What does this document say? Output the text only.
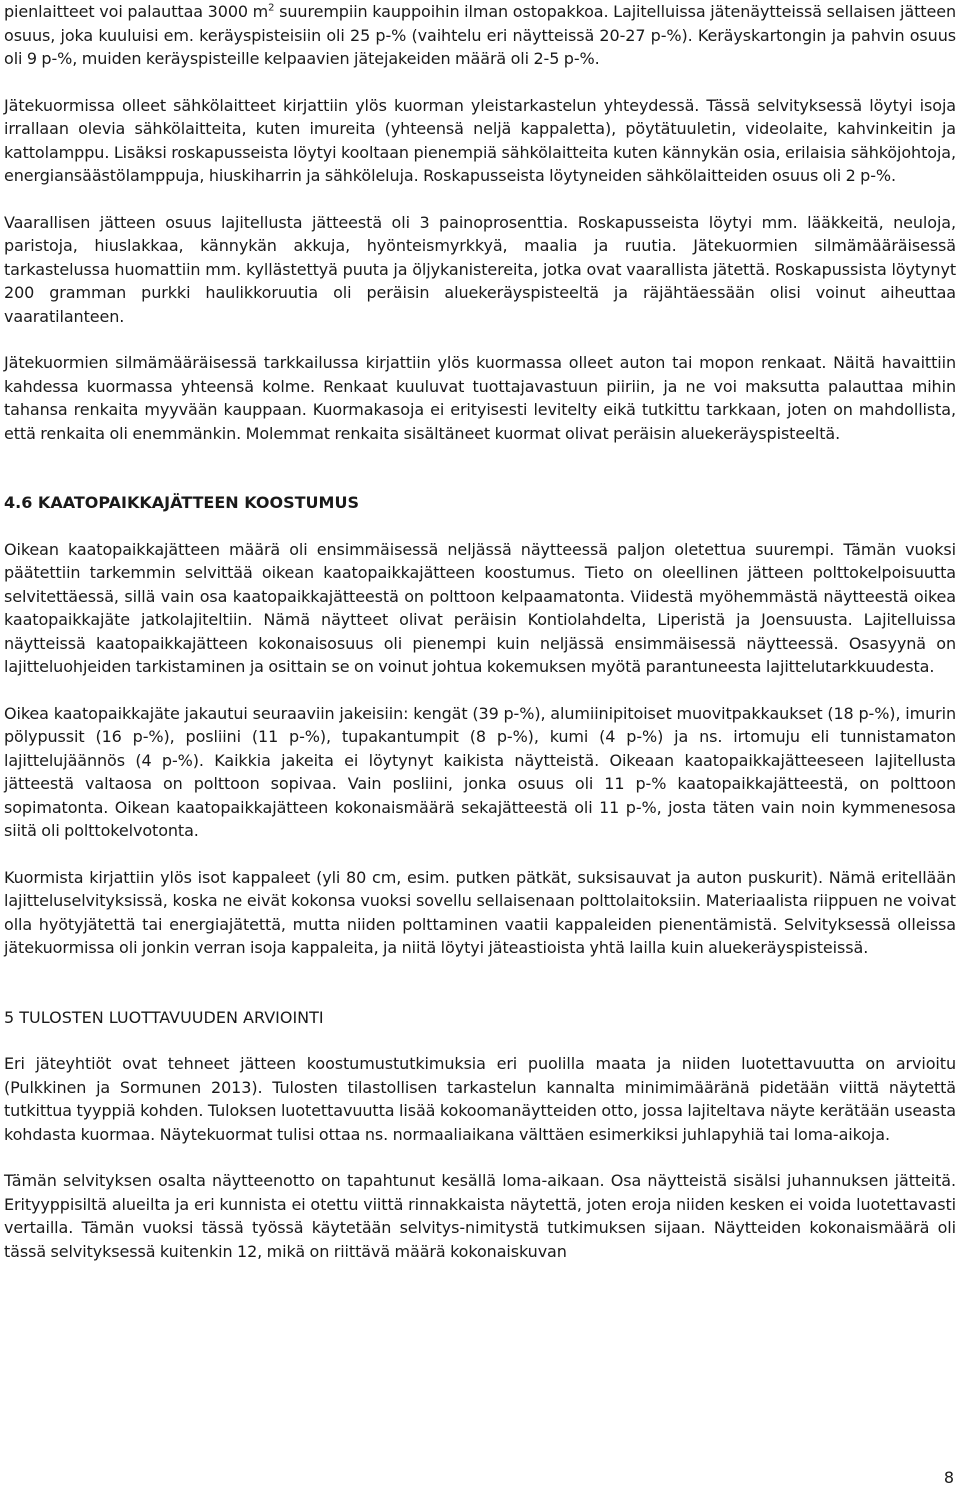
pienlaitteet voi palauttaa 3000 $m^2$ suurempiin kauppoihin ilman ostopakkoa. Lajitelluissa jätenäytteissä sellaisen jätteen osuus, joka kuuluisi em. keräyspisteisiin oli 25 p-% (vaihtelu eri näytteissä 20-27 p-%). Keräyskartongin ja pahvin osuus oli 9 p-%, muiden keräyspisteille kelpaavien jätejakeiden määrä oli 2-5 p-%.

Jätekuormissa olleet sähkölaitteet kirjattiin ylös kuorman yleistarkastelun yhteydessä. Tässä selvityksessä löytyi isoja irrallaan olevia sähkölaitteita, kuten imureita (yhteensä neljä kappaletta), pöytätuuletin, videolaite, kahvinkeitin ja kattolamppu. Lisäksi roskapusseista löytyi kooltaan pienempiä sähkölaitteita kuten kännykän osia, erilaisia sähköjohtoja, energiansäästölamppuja, hiuskiharrin ja sähköleluja. Roskapusseista löytyneiden sähkölaitteiden osuus oli 2 p-%.

Vaarallisen jätteen osuus lajitellusta jätteestä oli 3 painoprosenttia. Roskapusseista löytyi mm. lääkkeitä, neuloja, paristoja, hiuslakkaa, kännykän akkuja, hyönteismyrkkyä, maalia ja ruutia. Jätekuormien silmämääräisessä tarkastelussa huomattiin mm. kyllästettyä puuta ja öljykanistereita, jotka ovat vaarallista jätettä. Roskapussista löytynyt 200 gramman purkki haulikkoruutia oli peräisin aluekeräyspisteeltä ja räjähtäessään olisi voinut aiheuttaa vaaratilanteen.

Jätekuormien silmämääräisessä tarkkailussa kirjattiin ylös kuormassa olleet auton tai mopon renkaat. Näitä havaittiin kahdessa kuormassa yhteensä kolme. Renkaat kuuluvat tuottajavastuun piiriin, ja ne voi maksutta palauttaa mihin tahansa renkaita myyvään kauppaan. Kuormakasoja ei erityisesti levitelty eikä tutkittu tarkkaan, joten on mahdollista, että renkaita oli enemmänkin. Molemmat renkaita sisältäneet kuormat olivat peräisin aluekeräyspisteeltä.

4.6 KAATOPAIKKAJÄTTEEN KOOSTUMUS

Oikean kaatopaikkajätteen määrä oli ensimmäisessä neljässä näytteessä paljon oletettua suurempi. Tämän vuoksi päätettiin tarkemmin selvittää oikean kaatopaikkajätteen koostumus. Tieto on oleellinen jätteen polttokelpoisuutta selvitettäessä, sillä vain osa kaatopaikkajätteestä on polttoon kelpaamatonta. Viidestä myöhemmästä näytteestä oikea kaatopaikkajäte jatkolajiteltiin. Nämä näytteet olivat peräisin Kontiolahdelta, Liperistä ja Joensuusta. Lajitelluissa näytteissä kaatopaikkajätteen kokonaisosuus oli pienempi kuin neljässä ensimmäisessä näytteessä. Osasyynä on lajitteluohjeiden tarkistaminen ja osittain se on voinut johtua kokemuksen myötä parantuneesta lajittelutarkkuudesta.

Oikea kaatopaikkajäte jakautui seuraaviin jakeisiin: kengät (39 p-%), alumiinipitoiset muovitpakkaukset (18 p-%), imurin pölypussit (16 p-%), posliini (11 p-%), tupakantumpit (8 p-%), kumi (4 p-%) ja ns. irtomuju eli tunnistamaton lajittelujäännös (4 p-%). Kaikkia jakeita ei löytynyt kaikista näytteistä. Oikeaan kaatopaikkajätteeseen lajitellusta jätteestä valtaosa on polttoon sopivaa. Vain posliini, jonka osuus oli 11 p-% kaatopaikkajätteestä, on polttoon sopimatonta. Oikean kaatopaikkajätteen kokonaismäärä sekajätteestä oli 11 p-%, josta täten vain noin kymmenesosa siitä oli polttokelvotonta.

Kuormista kirjattiin ylös isot kappaleet (yli 80 cm, esim. putken pätkät, suksisauvat ja auton puskurit). Nämä eritellään lajitteluselvityksissä, koska ne eivät kokonsa vuoksi sovellu sellaisenaan polttolaitoksiin. Materiaalista riippuen ne voivat olla hyötyjätettä tai energiajätettä, mutta niiden polttaminen vaatii kappaleiden pienentämistä. Selvityksessä olleissa jätekuormissa oli jonkin verran isoja kappaleita, ja niitä löytyi jäteastioista yhtä lailla kuin aluekeräyspisteissä.

5 TULOSTEN LUOTTAVUUDEN ARVIOINTI

Eri jäteyhtiöt ovat tehneet jätteen koostumustutkimuksia eri puolilla maata ja niiden luotettavuutta on arvioitu (Pulkkinen ja Sormunen 2013). Tulosten tilastollisen tarkastelun kannalta minimimääränä pidetään viittä näytettä tutkittua tyyppiä kohden. Tuloksen luotettavuutta lisää kokoomanäytteiden otto, jossa lajiteltava näyte kerätään useasta kohdasta kuormaa. Näytekuormat tulisi ottaa ns. normaaliaikana välttäen esimerkiksi juhlapyhiä tai loma-aikoja.

Tämän selvityksen osalta näytteenotto on tapahtunut kesällä loma-aikaan. Osa näytteistä sisälsi juhannuksen jätteitä. Erityyppisiltä alueilta ja eri kunnista ei otettu viittä rinnakkaista näytettä, joten eroja niiden kesken ei voida luotettavasti vertailla. Tämän vuoksi tässä työssä käytetään selvitys-nimitystä tutkimuksen sijaan. Näytteiden kokonaismäärä oli tässä selvityksessä kuitenkin 12, mikä on riittävä määrä kokonaiskuvan

8
